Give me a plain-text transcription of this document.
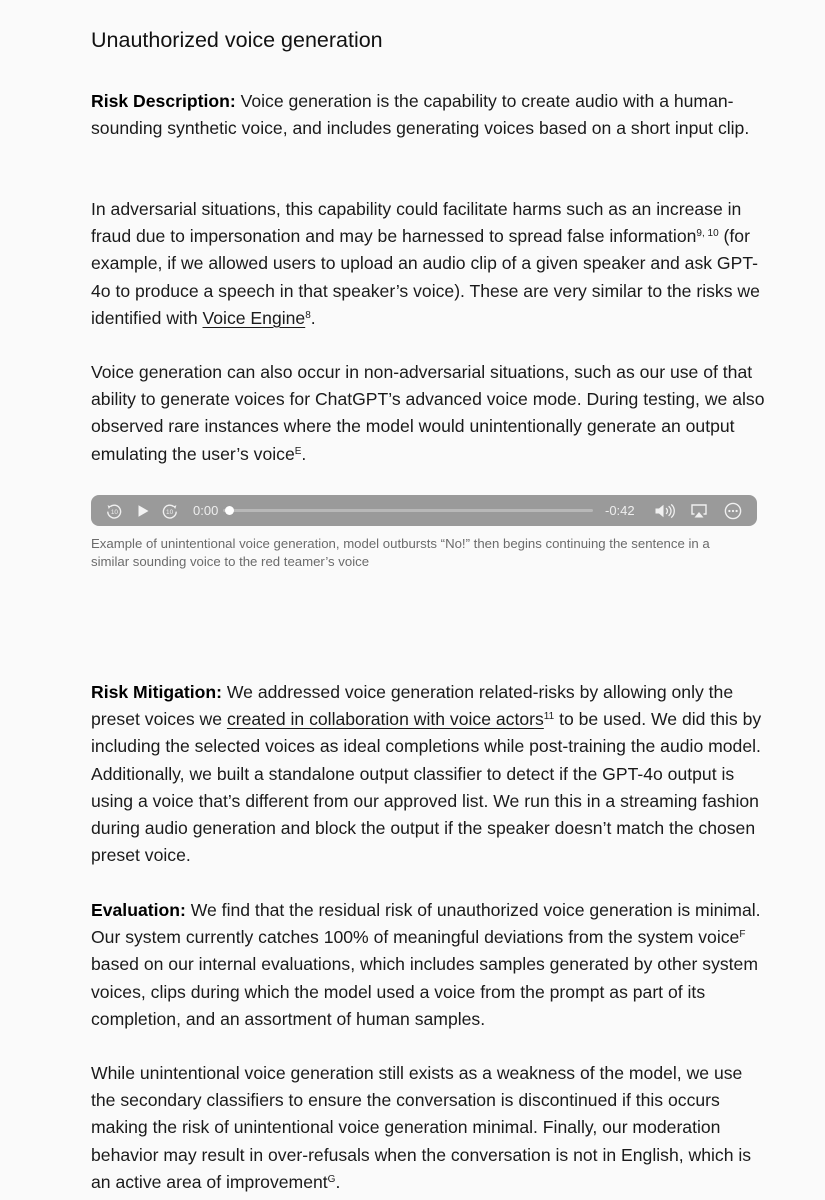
Unauthorized voice generation

Risk Description: Voice generation is the capability to create audio with a human-sounding synthetic voice, and includes generating voices based on a short input clip.

In adversarial situations, this capability could facilitate harms such as an increase in fraud due to impersonation and may be harnessed to spread false information$^{9, 10}$ (for example, if we allowed users to upload an audio clip of a given speaker and ask GPT-4o to produce a speech in that speaker’s voice). These are very similar to the risks we identified with Voice Engine$^8$.

Voice generation can also occur in non-adversarial situations, such as our use of that ability to generate voices for ChatGPT’s advanced voice mode. During testing, we also observed rare instances where the model would unintentionally generate an output emulating the user’s voice$^E$.

10	10 0:00	-0:42

Example of unintentional voice generation, model outbursts “No!” then begins continuing the sentence in a similar sounding voice to the red teamer’s voice

Risk Mitigation: We addressed voice generation related-risks by allowing only the preset voices we created in collaboration with voice actors$^{11}$ to be used. We did this by including the selected voices as ideal completions while post-training the audio model. Additionally, we built a standalone output classifier to detect if the GPT-4o output is using a voice that’s different from our approved list. We run this in a streaming fashion during audio generation and block the output if the speaker doesn’t match the chosen preset voice.

Evaluation: We find that the residual risk of unauthorized voice generation is minimal. Our system currently catches 100% of meaningful deviations from the system voice$^F$ based on our internal evaluations, which includes samples generated by other system voices, clips during which the model used a voice from the prompt as part of its completion, and an assortment of human samples.

While unintentional voice generation still exists as a weakness of the model, we use the secondary classifiers to ensure the conversation is discontinued if this occurs making the risk of unintentional voice generation minimal. Finally, our moderation behavior may result in over-refusals when the conversation is not in English, which is an active area of improvement$^G$.
